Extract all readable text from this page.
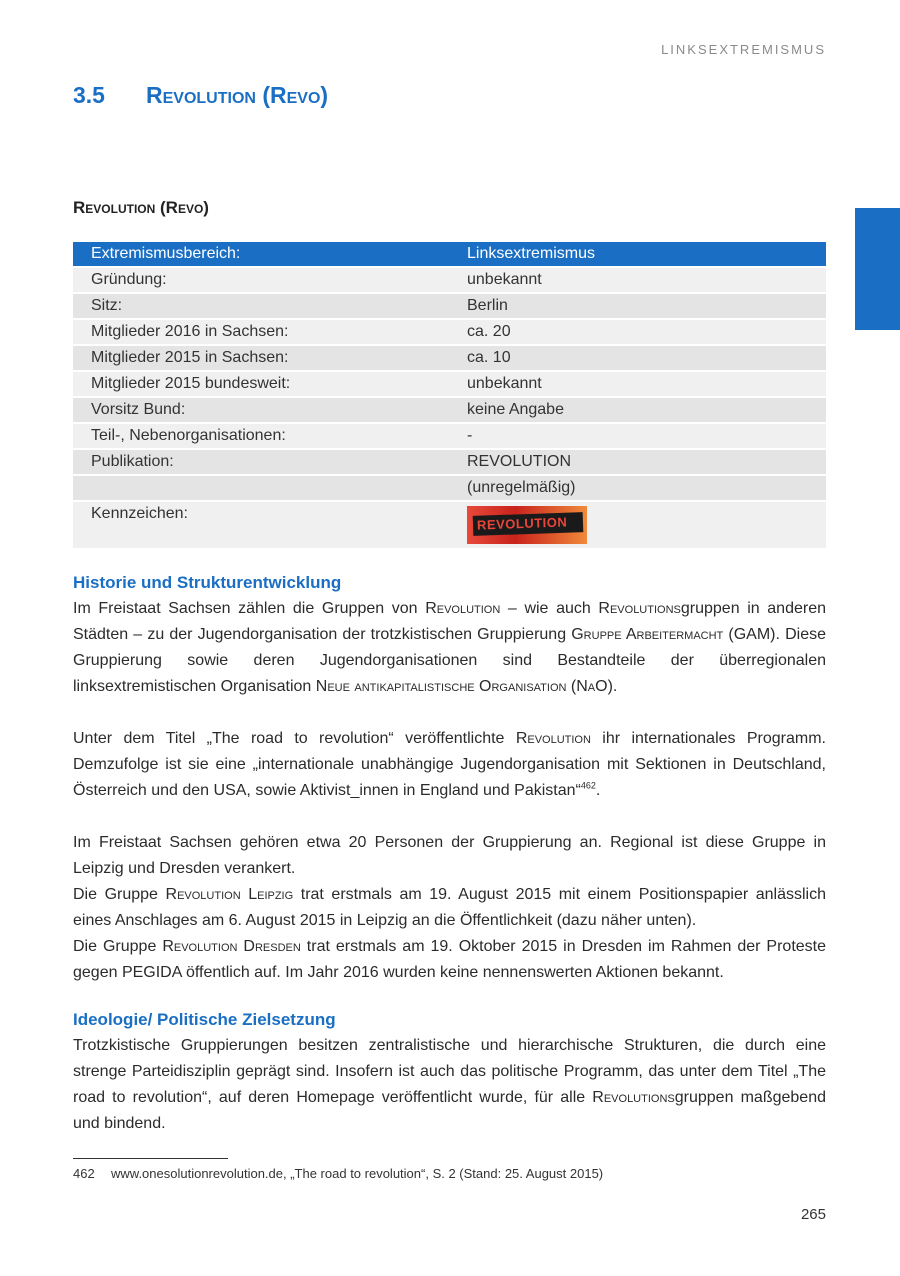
LINKSEXTREMISMUS
3.5	Revolution (Revo)
Revolution (Revo)
Extremismusbereich:	Linksextremismus
Gründung:	unbekannt
Sitz:	Berlin
Mitglieder 2016 in Sachsen:	ca. 20
Mitglieder 2015 in Sachsen:	ca. 10
Mitglieder 2015 bundesweit:	unbekannt
Vorsitz Bund:	keine Angabe
Teil-, Nebenorganisationen:	-
Publikation:	REVOLUTION
	(unregelmäßig)
Kennzeichen:	REVOLUTION
Historie und Strukturentwicklung

Im Freistaat Sachsen zählen die Gruppen von Revolution – wie auch Revolutionsgruppen in anderen Städten – zu der Jugendorganisation der trotzkistischen Gruppierung Gruppe Arbeitermacht (GAM). Diese Gruppierung sowie deren Jugendorganisationen sind Bestandteile der überregionalen linksextremistischen Organisation Neue antikapitalistische Organisation (NaO).

Unter dem Titel „The road to revolution“ veröffentlichte Revolution ihr internationales Programm. Demzufolge ist sie eine „internationale unabhängige Jugendorganisation mit Sektionen in Deutschland, Österreich und den USA, sowie Aktivist_innen in England und Pakistan“$^{462}$.

Im Freistaat Sachsen gehören etwa 20 Personen der Gruppierung an. Regional ist diese Gruppe in Leipzig und Dresden verankert.

Die Gruppe Revolution Leipzig trat erstmals am 19. August 2015 mit einem Positionspapier anlässlich eines Anschlages am 6. August 2015 in Leipzig an die Öffentlichkeit (dazu näher unten).

Die Gruppe Revolution Dresden trat erstmals am 19. Oktober 2015 in Dresden im Rahmen der Proteste gegen PEGIDA öffentlich auf. Im Jahr 2016 wurden keine nennenswerten Aktionen bekannt.

Ideologie/ Politische Zielsetzung

Trotzkistische Gruppierungen besitzen zentralistische und hierarchische Strukturen, die durch eine strenge Parteidisziplin geprägt sind. Insofern ist auch das politische Programm, das unter dem Titel „The road to revolution“, auf deren Homepage veröffentlicht wurde, für alle Revolutionsgruppen maßgebend und bindend.

462 www.onesolutionrevolution.de, „The road to revolution“, S. 2 (Stand: 25. August 2015)
265
